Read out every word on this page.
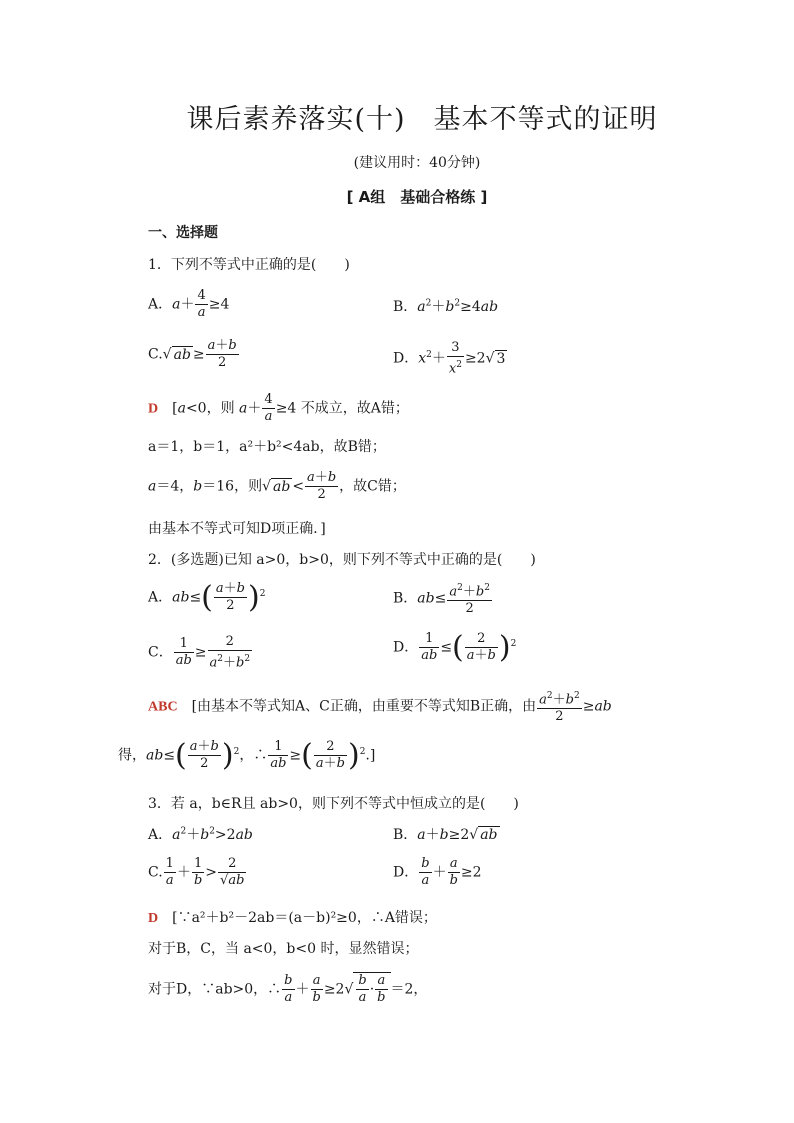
课后素养落实(十)　基本不等式的证明
(建议用时：40分钟)
[ A组　基础合格练 ]
一、选择题
1．下列不等式中正确的是(　　)
A．$a+ \frac{4}{a} \ge 4$	B．$a^2+b^2\ge 4ab$
C.√ ab ≥ $\frac{a+b}{2}$	D．$x^2+ \frac{3}{x^2} \ge 2√$ 3
D　[a<0，则 $a+ \frac{4}{a} \ge 4$ 不成立，故A错；
a＝1，b＝1，a²＋b²<4ab，故B错；
a＝4，b＝16，则√ ab < $\frac{a+b}{2}$ ，故C错；
由基本不等式可知D项正确．]
2．(多选题)已知 a>0，b>0，则下列不等式中正确的是(　　)
A．$ab\le( \frac{a+b}{2} )^2$	B．$ab\le \frac{a^2+b^2}{2}$
C． $\frac{1}{ab} \ge \frac{2}{a^2+b^2}$	D． $\frac{1}{ab}$ ≤( $\frac{2}{a+b} )^2$
ABC　 [由基本不等式知A、C正确，由重要不等式知B正确，由 $\frac{a^2+b^2}{2} \ge ab$
得，$ab\le( \frac{a+b}{2} )^2$，∴ $\frac{1}{ab}$ ≥( $\frac{2}{a+b} )^2$.]
3．若 a，b∈R且 ab>0，则下列不等式中恒成立的是(　　)
A．$a^2+b^2>2ab$	B．a＋b≥2√ ab
C. $\frac{1}{a} + \frac{1}{b} > \frac{2}{√ab}$	D． $\frac{b}{a} + \frac{a}{b} \ge 2$
D　 [∵a²＋b²－2ab＝(a－b)²≥0，∴A错误；
对于B，C，当 a<0，b<0 时，显然错误；
对于D，∵ab>0，∴ $\frac{b}{a} + \frac{a}{b} \ge 2√ \frac{b}{a} \cdot \frac{a}{b} =2$，
